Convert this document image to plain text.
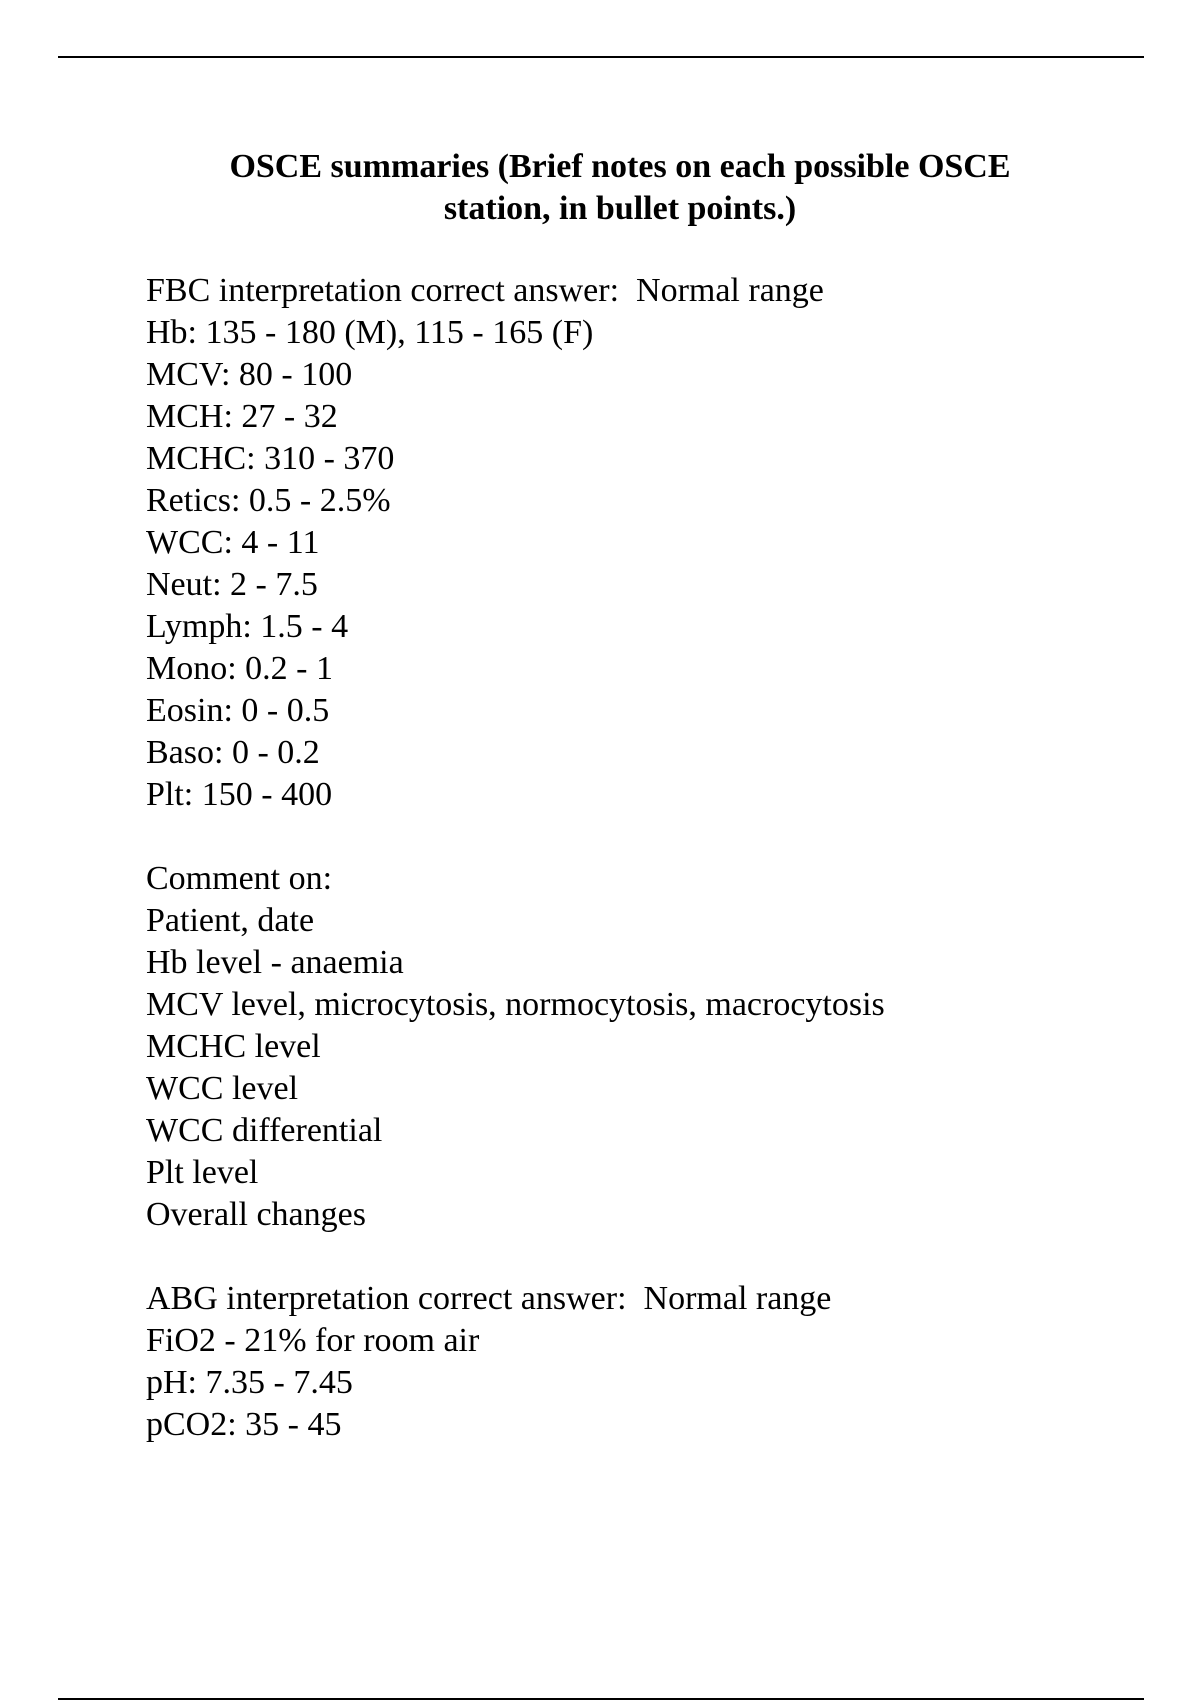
OSCE summaries (Brief notes on each possible OSCE
station, in bullet points.)
FBC interpretation correct answer:  Normal range
Hb: 135 - 180 (M), 115 - 165 (F)
MCV: 80 - 100
MCH: 27 - 32
MCHC: 310 - 370
Retics: 0.5 - 2.5%
WCC: 4 - 11
Neut: 2 - 7.5
Lymph: 1.5 - 4
Mono: 0.2 - 1
Eosin: 0 - 0.5
Baso: 0 - 0.2
Plt: 150 - 400
Comment on:
Patient, date
Hb level - anaemia
MCV level, microcytosis, normocytosis, macrocytosis
MCHC level
WCC level
WCC differential
Plt level
Overall changes
ABG interpretation correct answer:  Normal range
FiO2 - 21% for room air
pH: 7.35 - 7.45
pCO2: 35 - 45
